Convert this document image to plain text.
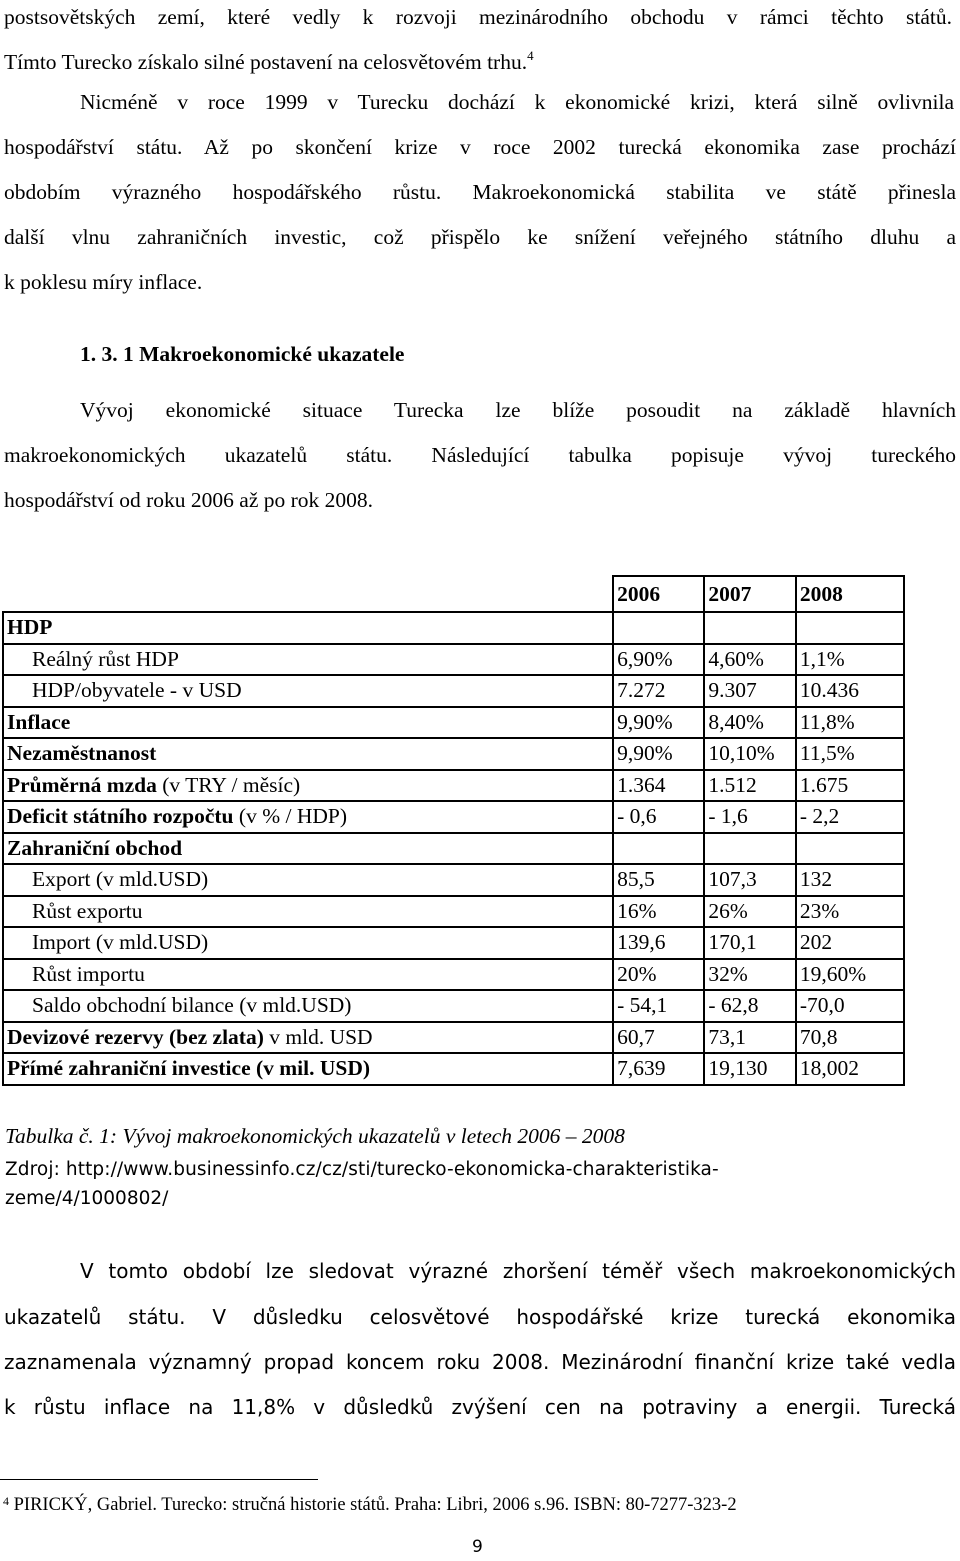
postsovětských zemí, které vedly k rozvoji mezinárodního obchodu v rámci těchto států.
Tímto Turecko získalo silné postavení na celosvětovém trhu.$^4$
Nicméně v roce 1999 v Turecku dochází k ekonomické krizi, která silně ovlivnila
hospodářství státu. Až po skončení krize v roce 2002 turecká ekonomika zase prochází
obdobím výrazného hospodářského růstu. Makroekonomická stabilita ve státě přinesla
další vlnu zahraničních investic, což přispělo ke snížení veřejného státního dluhu a
k poklesu míry inflace.
1. 3. 1 Makroekonomické ukazatele
Vývoj ekonomické situace Turecka lze blíže posoudit na základě hlavních
makroekonomických ukazatelů státu. Následující tabulka popisuje vývoj tureckého
hospodářství od roku 2006 až po rok 2008.
	2006	2007	2008
HDP			
Reálný růst HDP	6,90%	4,60%	1,1%
HDP/obyvatele - v USD	7.272	9.307	10.436
Inflace	9,90%	8,40%	11,8%
Nezaměstnanost	9,90%	10,10%	11,5%
Průměrná mzda (v TRY / měsíc)	1.364	1.512	1.675
Deficit státního rozpočtu (v % / HDP)	- 0,6	- 1,6	- 2,2
Zahraniční obchod			
Export (v mld.USD)	85,5	107,3	132
Růst exportu	16%	26%	23%
Import (v mld.USD)	139,6	170,1	202
Růst importu	20%	32%	19,60%
Saldo obchodní bilance (v mld.USD)	- 54,1	- 62,8	-70,0
Devizové rezervy (bez zlata) v mld. USD	60,7	73,1	70,8
Přímé zahraniční investice (v mil. USD)	7,639	19,130	18,002
Tabulka č. 1: Vývoj makroekonomických ukazatelů v letech 2006 – 2008
Zdroj: http://www.businessinfo.cz/cz/sti/turecko-ekonomicka-charakteristika-
zeme/4/1000802/
V tomto období lze sledovat výrazné zhoršení téměř všech makroekonomických
ukazatelů státu. V důsledku celosvětové hospodářské krize turecká ekonomika
zaznamenala významný propad koncem roku 2008. Mezinárodní finanční krize také vedla
k růstu inflace na 11,8% v důsledků zvýšení cen na potraviny a energii. Turecká
$^4$ PIRICKÝ, Gabriel. Turecko: stručná historie států. Praha: Libri, 2006 s.96. ISBN: 80-7277-323-2
9
